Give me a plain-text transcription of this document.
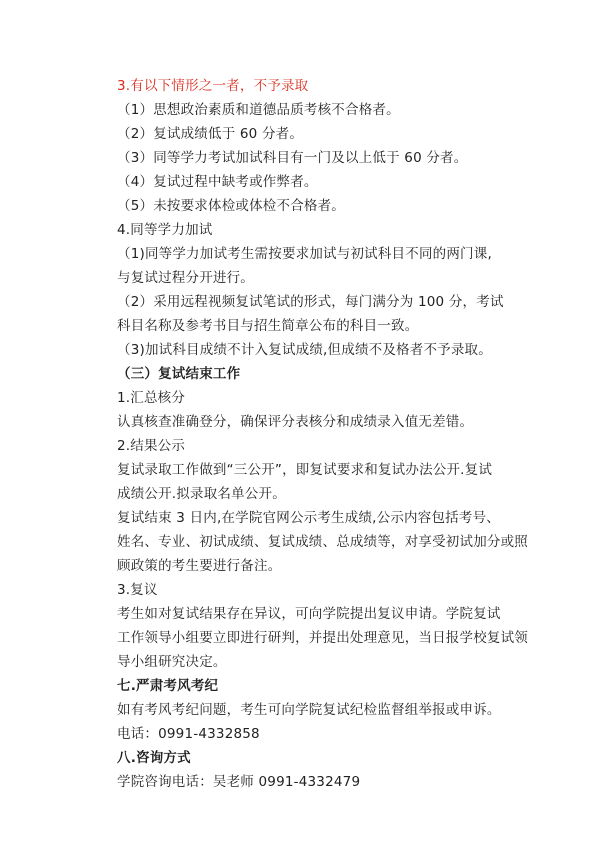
3.有以下情形之一者，不予录取
（1）思想政治素质和道德品质考核不合格者。
（2）复试成绩低于 60 分者。
（3）同等学力考试加试科目有一门及以上低于 60 分者。
（4）复试过程中缺考或作弊者。
（5）未按要求体检或体检不合格者。
4.同等学力加试
（1)同等学力加试考生需按要求加试与初试科目不同的两门课,
与复试过程分开进行。
（2）采用远程视频复试笔试的形式，每门满分为 100 分，考试
科目名称及参考书目与招生简章公布的科目一致。
（3)加试科目成绩不计入复试成绩,但成绩不及格者不予录取。
（三）复试结束工作
1.汇总核分
认真核查准确登分，确保评分表核分和成绩录入值无差错。
2.结果公示
复试录取工作做到“三公开”，即复试要求和复试办法公开.复试
成绩公开.拟录取名单公开。
复试结束 3 日内,在学院官网公示考生成绩,公示内容包括考号、
姓名、专业、初试成绩、复试成绩、总成绩等，对享受初试加分或照
顾政策的考生要进行备注。
3.复议
考生如对复试结果存在异议，可向学院提出复议申请。学院复试
工作领导小组要立即进行研判，并提出处理意见，当日报学校复试领
导小组研究决定。
七.严肃考风考纪
如有考风考纪问题，考生可向学院复试纪检监督组举报或申诉。
电话：0991-4332858
八.咨询方式
学院咨询电话：吴老师 0991-4332479
